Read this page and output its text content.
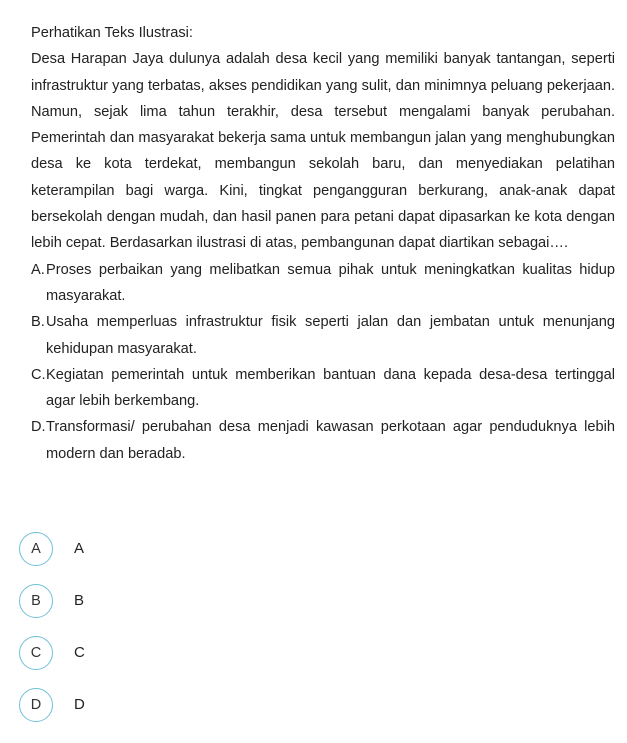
Perhatikan Teks Ilustrasi:

Desa Harapan Jaya dulunya adalah desa kecil yang memiliki banyak tantangan, seperti infrastruktur yang terbatas, akses pendidikan yang sulit, dan minimnya peluang pekerjaan. Namun, sejak lima tahun terakhir, desa tersebut mengalami banyak perubahan. Pemerintah dan masyarakat bekerja sama untuk membangun jalan yang menghubungkan desa ke kota terdekat, membangun sekolah baru, dan menyediakan pelatihan keterampilan bagi warga. Kini, tingkat pengangguran berkurang, anak-anak dapat bersekolah dengan mudah, dan hasil panen para petani dapat dipasarkan ke kota dengan lebih cepat. Berdasarkan ilustrasi di atas, pembangunan dapat diartikan sebagai….

A. Proses perbaikan yang melibatkan semua pihak untuk meningkatkan kualitas hidup masyarakat.
B. Usaha memperluas infrastruktur fisik seperti jalan dan jembatan untuk menunjang kehidupan masyarakat.
C. Kegiatan pemerintah untuk memberikan bantuan dana kepada desa-desa tertinggal agar lebih berkembang.
D. Transformasi/ perubahan desa menjadi kawasan perkotaan agar penduduknya lebih modern dan beradab.
A	A
B	B
C	C
D	D
